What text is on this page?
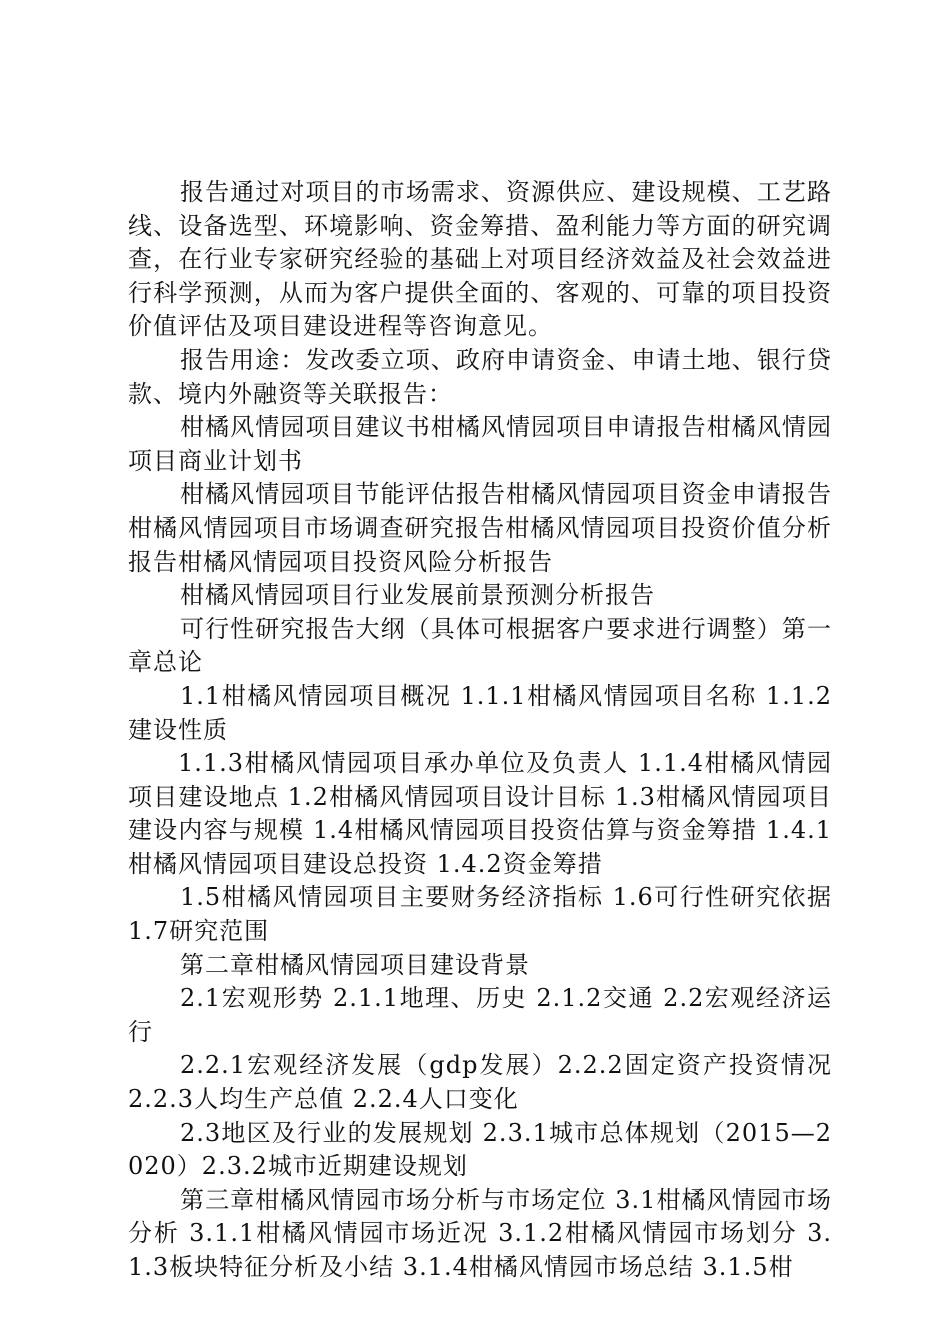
报告通过对项目的市场需求、资源供应、建设规模、工艺路线、设备选型、环境影响、资金筹措、盈利能力等方面的研究调查，在行业专家研究经验的基础上对项目经济效益及社会效益进行科学预测，从而为客户提供全面的、客观的、可靠的项目投资价值评估及项目建设进程等咨询意见。

报告用途：发改委立项、政府申请资金、申请土地、银行贷款、境内外融资等关联报告：

柑橘风情园项目建议书柑橘风情园项目申请报告柑橘风情园项目商业计划书

柑橘风情园项目节能评估报告柑橘风情园项目资金申请报告柑橘风情园项目市场调查研究报告柑橘风情园项目投资价值分析报告柑橘风情园项目投资风险分析报告

柑橘风情园项目行业发展前景预测分析报告

可行性研究报告大纲（具体可根据客户要求进行调整）第一章总论

1.1柑橘风情园项目概况 1.1.1柑橘风情园项目名称 1.1.2建设性质

1.1.3柑橘风情园项目承办单位及负责人 1.1.4柑橘风情园项目建设地点 1.2柑橘风情园项目设计目标 1.3柑橘风情园项目建设内容与规模 1.4柑橘风情园项目投资估算与资金筹措 1.4.1柑橘风情园项目建设总投资 1.4.2资金筹措

1.5柑橘风情园项目主要财务经济指标 1.6可行性研究依据 1.7研究范围

第二章柑橘风情园项目建设背景

2.1宏观形势 2.1.1地理、历史 2.1.2交通 2.2宏观经济运行

2.2.1宏观经济发展（gdp发展）2.2.2固定资产投资情况 2.2.3人均生产总值 2.2.4人口变化

2.3地区及行业的发展规划 2.3.1城市总体规划（2015—2020）2.3.2城市近期建设规划

第三章柑橘风情园市场分析与市场定位 3.1柑橘风情园市场分析 3.1.1柑橘风情园市场近况 3.1.2柑橘风情园市场划分 3.1.3板块特征分析及小结 3.1.4柑橘风情园市场总结 3.1.5柑
